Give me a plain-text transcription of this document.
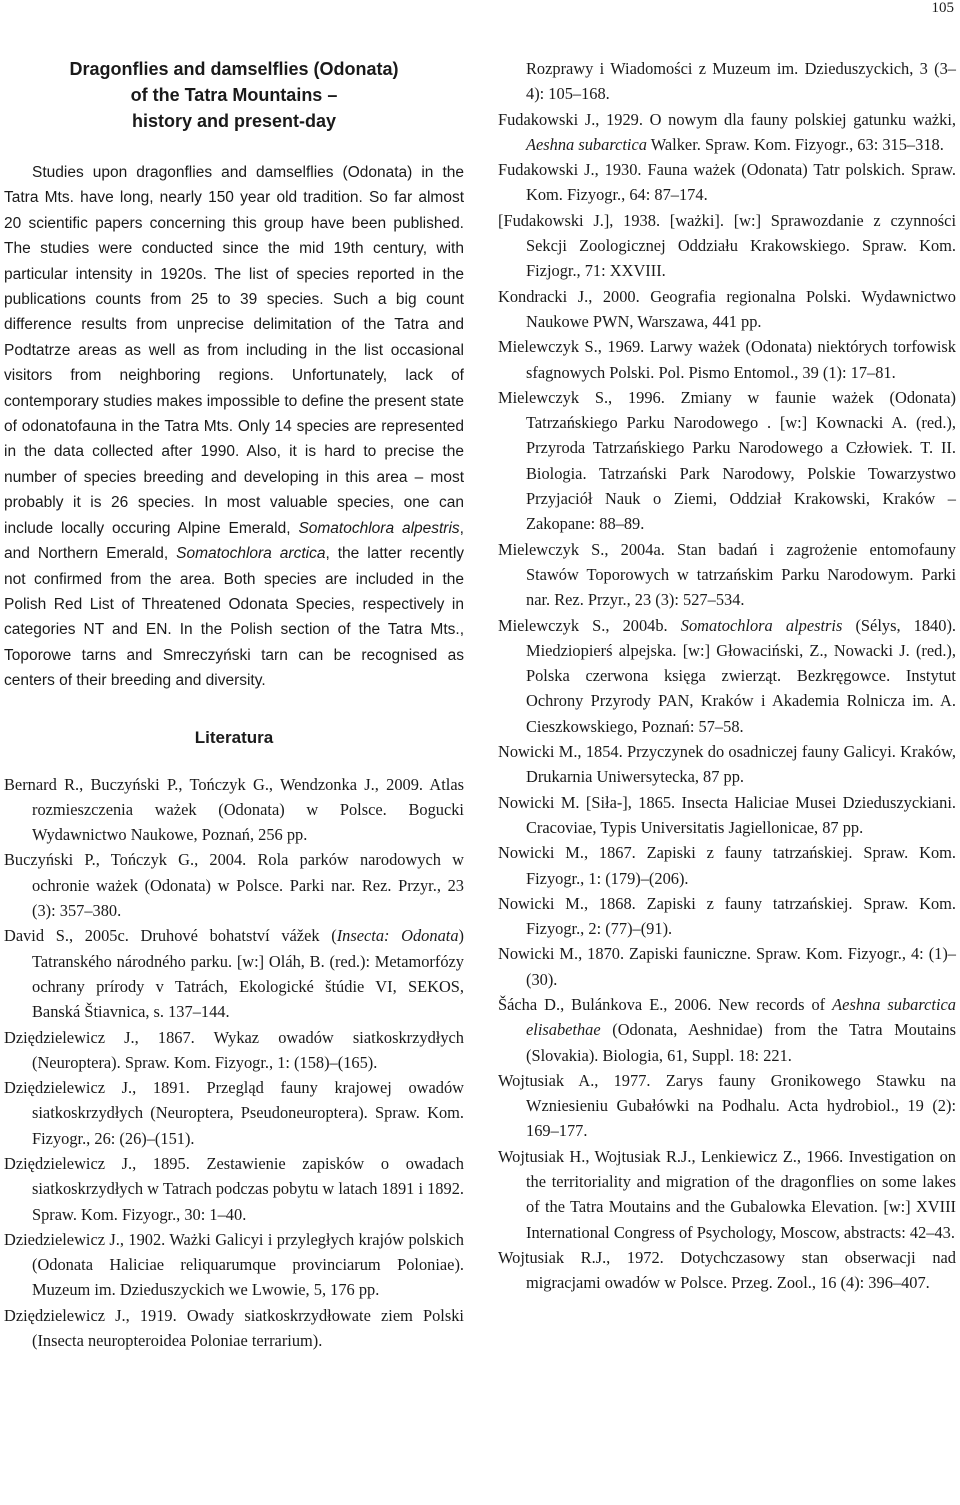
105
Dragonflies and damselflies (Odonata)
of the Tatra Mountains –
history and present-day

Studies upon dragonflies and damselflies (Odonata) in the Tatra Mts. have long, nearly 150 year old tradition. So far almost 20 scientific papers concerning this group have been published. The studies were conducted since the mid 19th century, with particular intensity in 1920s. The list of species reported in the publications counts from 25 to 39 species. Such a big count difference results from unprecise delimitation of the Tatra and Podtatrze areas as well as from including in the list occasional visitors from neighboring regions. Unfortunately, lack of contemporary studies makes impossible to define the present state of odonatofauna in the Tatra Mts. Only 14 species are represented in the data collected after 1990. Also, it is hard to precise the number of species breeding and developing in this area – most probably it is 26 species. In most valuable species, one can include locally occuring Alpine Emerald, Somatochlora alpestris, and Northern Emerald, Somatochlora arctica, the latter recently not confirmed from the area. Both species are included in the Polish Red List of Threatened Odonata Species, respectively in categories NT and EN. In the Polish section of the Tatra Mts., Toporowe tarns and Smreczyński tarn can be recognised as centers of their breeding and diversity.

Literatura
Bernard R., Buczyński P., Tończyk G., Wendzonka J., 2009. Atlas rozmieszczenia ważek (Odonata) w Polsce. Bogucki Wydawnictwo Naukowe, Poznań, 256 pp.
Buczyński P., Tończyk G., 2004. Rola parków narodowych w ochronie ważek (Odonata) w Polsce. Parki nar. Rez. Przyr., 23 (3): 357–380.
David S., 2005c. Druhové bohatství vážek (Insecta: Odonata) Tatranského národného parku. [w:] Oláh, B. (red.): Metamorfózy ochrany prírody v Tatrách, Ekologické štúdie VI, SEKOS, Banská Štiavnica, s. 137–144.
Dzięǳielewicz J., 1867. Wykaz owadów siatkoskrzydłych (Neuroptera). Spraw. Kom. Fizyogr., 1: (158)–(165).
Dzięǳielewicz J., 1891. Przegląd fauny krajowej owadów siatkoskrzydłych (Neuroptera, Pseudoneuroptera). Spraw. Kom. Fizyogr., 26: (26)–(151).
Dzięǳielewicz J., 1895. Zestawienie zapisków o owadach siatkoskrzydłych w Tatrach podczas pobytu w latach 1891 i 1892. Spraw. Kom. Fizyogr., 30: 1–40.
Dziedzielewicz J., 1902. Ważki Galicyi i przyległych krajów polskich (Odonata Haliciae reliquarumque provinciarum Poloniae). Muzeum im. Dzieduszyckich we Lwowie, 5, 176 pp.
Dzięǳielewicz J., 1919. Owady siatkoskrzydłowate ziem Polski (Insecta neuropteroidea Poloniae terrarium).
Rozprawy i Wiadomości z Muzeum im. Dzieduszyckich, 3 (3–4): 105–168.
Fudakowski J., 1929. O nowym dla fauny polskiej gatunku ważki, Aeshna subarctica Walker. Spraw. Kom. Fizyogr., 63: 315–318.
Fudakowski J., 1930. Fauna ważek (Odonata) Tatr polskich. Spraw. Kom. Fizyogr., 64: 87–174.
[Fudakowski J.], 1938. [ważki]. [w:] Sprawozdanie z czynności Sekcji Zoologicznej Oddziału Krakowskiego. Spraw. Kom. Fizjogr., 71: XXVIII.
Kondracki J., 2000. Geografia regionalna Polski. Wydawnictwo Naukowe PWN, Warszawa, 441 pp.
Mielewczyk S., 1969. Larwy ważek (Odonata) niektórych torfowisk sfagnowych Polski. Pol. Pismo Entomol., 39 (1): 17–81.
Mielewczyk S., 1996. Zmiany w faunie ważek (Odonata) Tatrzańskiego Parku Narodowego . [w:] Kownacki A. (red.), Przyroda Tatrzańskiego Parku Narodowego a Człowiek. T. II. Biologia. Tatrzański Park Narodowy, Polskie Towarzystwo Przyjaciół Nauk o Ziemi, Oddział Krakowski, Kraków – Zakopane: 88–89.
Mielewczyk S., 2004a. Stan badań i zagrożenie entomofauny Stawów Toporowych w tatrzańskim Parku Narodowym. Parki nar. Rez. Przyr., 23 (3): 527–534.
Mielewczyk S., 2004b. Somatochlora alpestris (Sélys, 1840). Miedziopierś alpejska. [w:] Głowaciński, Z., Nowacki J. (red.), Polska czerwona księga zwierząt. Bezkręgowce. Instytut Ochrony Przyrody PAN, Kraków i Akademia Rolnicza im. A. Cieszkowskiego, Poznań: 57–58.
Nowicki M., 1854. Przyczynek do osadniczej fauny Galicyi. Kraków, Drukarnia Uniwersytecka, 87 pp.
Nowicki M. [Siła-], 1865. Insecta Haliciae Musei Dzieduszyckiani. Cracoviae, Typis Universitatis Jagiellonicae, 87 pp.
Nowicki M., 1867. Zapiski z fauny tatrzańskiej. Spraw. Kom. Fizyogr., 1: (179)–(206).
Nowicki M., 1868. Zapiski z fauny tatrzańskiej. Spraw. Kom. Fizyogr., 2: (77)–(91).
Nowicki M., 1870. Zapiski fauniczne. Spraw. Kom. Fizyogr., 4: (1)–(30).
Šácha D., Bulánkova E., 2006. New records of Aeshna subarctica elisabethae (Odonata, Aeshnidae) from the Tatra Moutains (Slovakia). Biologia, 61, Suppl. 18: 221.
Wojtusiak A., 1977. Zarys fauny Gronikowego Stawku na Wzniesieniu Gubałówki na Podhalu. Acta hydrobiol., 19 (2): 169–177.
Wojtusiak H., Wojtusiak R.J., Lenkiewicz Z., 1966. Investigation on the territoriality and migration of the dragonflies on some lakes of the Tatra Moutains and the Gubalowka Elevation. [w:] XVIII International Congress of Psychology, Moscow, abstracts: 42–43.
Wojtusiak R.J., 1972. Dotychczasowy stan obserwacji nad migracjami owadów w Polsce. Przeg. Zool., 16 (4): 396–407.
